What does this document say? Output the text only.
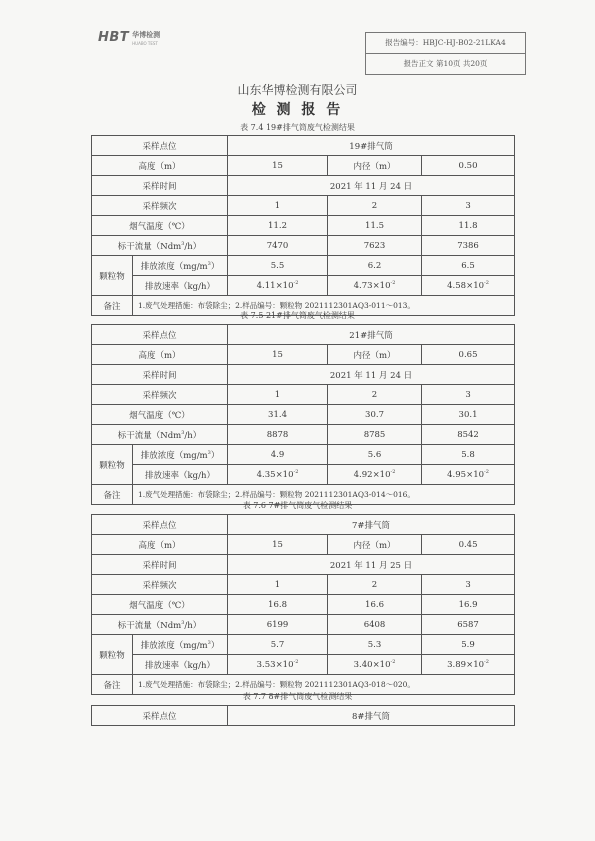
HBT 华博检测
HUABO TEST	报告编号：HBJC-HJ-B02-21LKA4
报告正文 第10页 共20页
山东华博检测有限公司
检 测 报 告
表 7.4 19#排气筒废气检测结果
采样点位		19#排气筒		
高度（m）		15	内径（m）	0.50
采样时间		2021 年 11 月 24 日		
采样频次		1	2	3
烟气温度（℃）		11.2	11.5	11.8
标干流量（Ndm$^3$/h）		7470	7623	7386
颗粒物	排放浓度$(mg/m^3)$	5.5	6.2	6.5
	排放速率（kg/h）	$4.11\times 10^{-2}$	$4.73\times 10^{-2}$	$4.58\times 10^{-2}$
备注	1.废气处理措施：布袋除尘；2.样品编号：颗粒物 2021112301AQ3-011～013。			
表 7.5 21#排气筒废气检测结果
采样点位		21#排气筒		
高度（m）		15	内径（m）	0.65
采样时间		2021 年 11 月 24 日		
采样频次		1	2	3
烟气温度（℃）		31.4	30.7	30.1
标干流量（Ndm$^3$/h）		8878	8785	8542
颗粒物	排放浓度$(mg/m^3)$	4.9	5.6	5.8
	排放速率（kg/h）	$4.35\times 10^{-2}$	$4.92\times 10^{-2}$	$4.95\times 10^{-2}$
备注	1.废气处理措施：布袋除尘；2.样品编号：颗粒物 2021112301AQ3-014～016。			
表 7.6 7#排气筒废气检测结果
采样点位		7#排气筒		
高度（m）		15	内径（m）	0.45
采样时间		2021 年 11 月 25 日		
采样频次		1	2	3
烟气温度（℃）		16.8	16.6	16.9
标干流量（Ndm$^3$/h）		6199	6408	6587
颗粒物	排放浓度$(mg/m^3)$	5.7	5.3	5.9
	排放速率（kg/h）	$3.53\times 10^{-2}$	$3.40\times 10^{-2}$	$3.89\times 10^{-2}$
备注	1.废气处理措施：布袋除尘；2.样品编号：颗粒物 2021112301AQ3-018～020。			
表 7.7 8#排气筒废气检测结果
采样点位	8#排气筒
